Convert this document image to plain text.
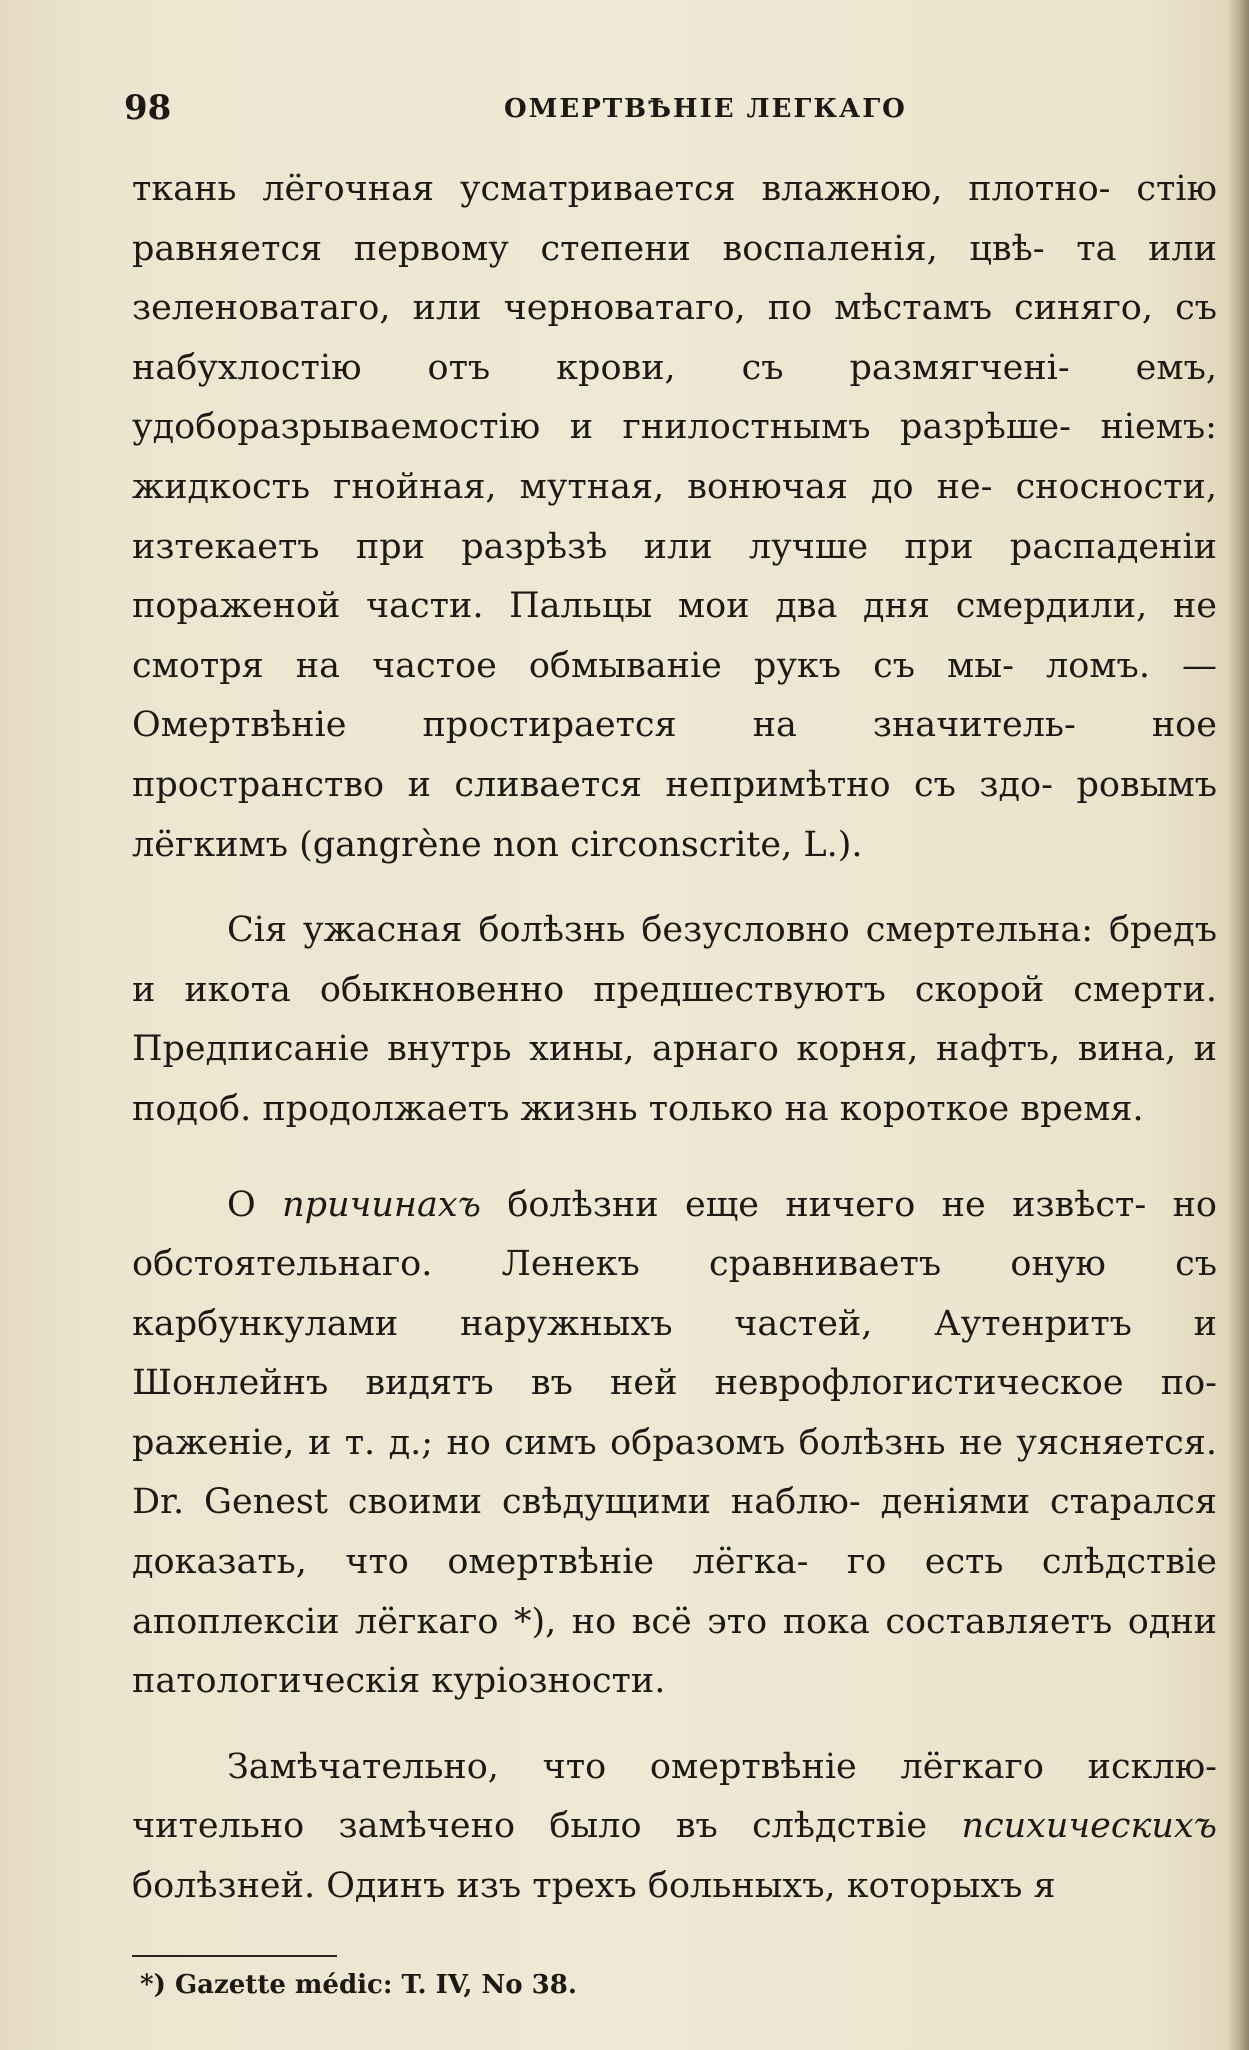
98	ОМЕРТВѢНІЕ ЛЕГКАГО

ткань лёгочная усматривается влажною, плотно- стію равняется первому степени воспаленія, цвѣ- та или зеленоватаго, или черноватаго, по мѣстамъ синяго, съ набухлостію отъ крови, съ размягченi- емъ, удоборазрываемостію и гнилостнымъ разрѣше- ніемъ: жидкость гнойная, мутная, вонючая до не- сносности, изтекаетъ при разрѣзѣ или лучше при распаденіи пораженой части. Пальцы мои два дня смердили, не смотря на частое обмываніе рукъ съ мы- ломъ. — Омертвѣніе простирается на значитель- ное пространство и сливается непримѣтно съ здо- ровымъ лёгкимъ (gangrène non circonscrite, L.).

Сія ужасная болѣзнь безусловно смертельна: бредъ и икота обыкновенно предшествуютъ скорой смерти. Предписаніе внутрь хины, арнаго корня, нафтъ, вина, и подоб. продолжаетъ жизнь только на короткое время.

О причинахъ болѣзни еще ничего не извѣст- но обстоятельнаго. Ленекъ сравниваетъ оную съ карбункулами наружныхъ частей, Аутенритъ и Шонлейнъ видятъ въ ней неврофлогистическое по- раженіе, и т. д.; но симъ образомъ болѣзнь не уясняется. Dr. Genest своими свѣдущими наблю- деніями старался доказать, что омертвѣніе лёгка- го есть слѣдствіе апоплексіи лёгкаго *), но всё это пока составляетъ одни патологическія куріозности.

Замѣчательно, что омертвѣніе лёгкаго исклю- чительно замѣчено было въ слѣдствіе психическихъ болѣзней. Одинъ изъ трехъ больныхъ, которыхъ я

*) Gazette médic: T. IV, No 38.
